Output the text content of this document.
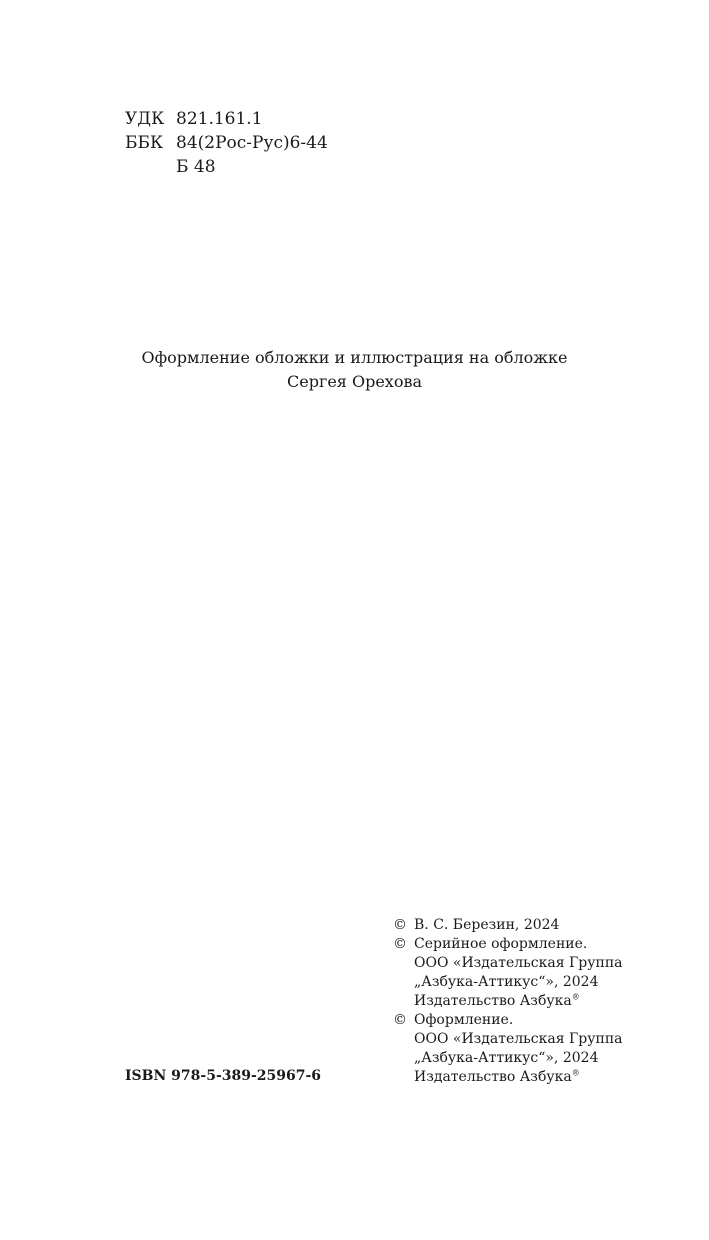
УДК 821.161.1
ББК 84(2Рос-Рус)6-44
Б 48
Оформление обложки и иллюстрация на обложке
Сергея Орехова
ISBN 978-5-389-25967-6
© В. С. Березин, 2024
© Серийное оформление.
ООО «Издательская Группа
„Азбука-Аттикус“», 2024
Издательство Азбука®
© Оформление.
ООО «Издательская Группа
„Азбука-Аттикус“», 2024
Издательство Азбука®
